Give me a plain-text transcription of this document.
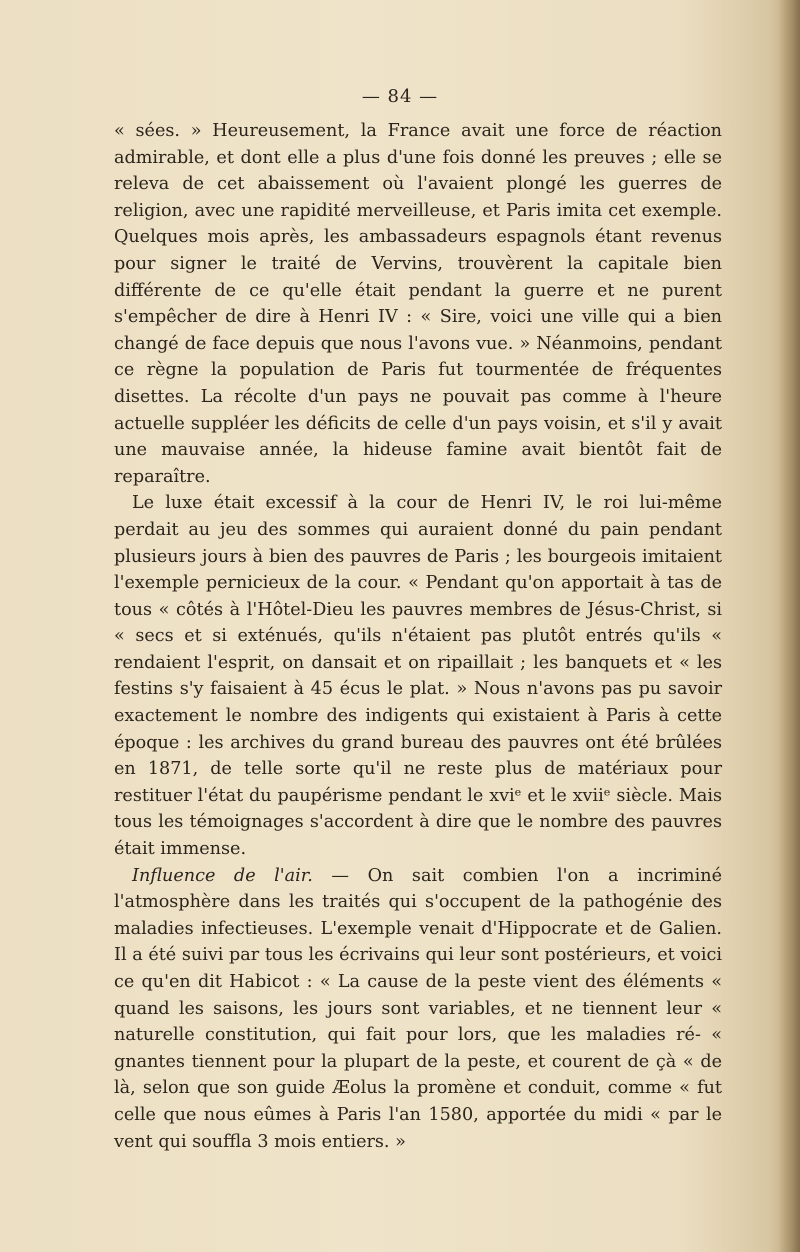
— 84 —

« sées. » Heureusement, la France avait une force de réaction admirable, et dont elle a plus d'une fois donné les preuves ; elle se releva de cet abaissement où l'avaient plongé les guerres de religion, avec une rapidité merveilleuse, et Paris imita cet exemple. Quelques mois après, les ambassadeurs espagnols étant revenus pour signer le traité de Vervins, trouvèrent la capitale bien différente de ce qu'elle était pendant la guerre et ne purent s'empêcher de dire à Henri IV : « Sire, voici une ville qui a bien changé de face depuis que nous l'avons vue. » Néanmoins, pendant ce règne la population de Paris fut tourmentée de fréquentes disettes. La récolte d'un pays ne pouvait pas comme à l'heure actuelle suppléer les déficits de celle d'un pays voisin, et s'il y avait une mauvaise année, la hideuse famine avait bientôt fait de reparaître.

Le luxe était excessif à la cour de Henri IV, le roi lui-même perdait au jeu des sommes qui auraient donné du pain pendant plusieurs jours à bien des pauvres de Paris ; les bourgeois imitaient l'exemple pernicieux de la cour. « Pendant qu'on apportait à tas de tous « côtés à l'Hôtel-Dieu les pauvres membres de Jésus-Christ, si « secs et si exténués, qu'ils n'étaient pas plutôt entrés qu'ils « rendaient l'esprit, on dansait et on ripaillait ; les banquets et « les festins s'y faisaient à 45 écus le plat. » Nous n'avons pas pu savoir exactement le nombre des indigents qui existaient à Paris à cette époque : les archives du grand bureau des pauvres ont été brûlées en 1871, de telle sorte qu'il ne reste plus de matériaux pour restituer l'état du paupérisme pendant le xviᵉ et le xviiᵉ siècle. Mais tous les témoignages s'accordent à dire que le nombre des pauvres était immense.

Influence de l'air. — On sait combien l'on a incriminé l'atmosphère dans les traités qui s'occupent de la pathogénie des maladies infectieuses. L'exemple venait d'Hippocrate et de Galien. Il a été suivi par tous les écrivains qui leur sont postérieurs, et voici ce qu'en dit Habicot : « La cause de la peste vient des éléments « quand les saisons, les jours sont variables, et ne tiennent leur « naturelle constitution, qui fait pour lors, que les maladies ré- « gnantes tiennent pour la plupart de la peste, et courent de çà « de là, selon que son guide Æolus la promène et conduit, comme « fut celle que nous eûmes à Paris l'an 1580, apportée du midi « par le vent qui souffla 3 mois entiers. »
